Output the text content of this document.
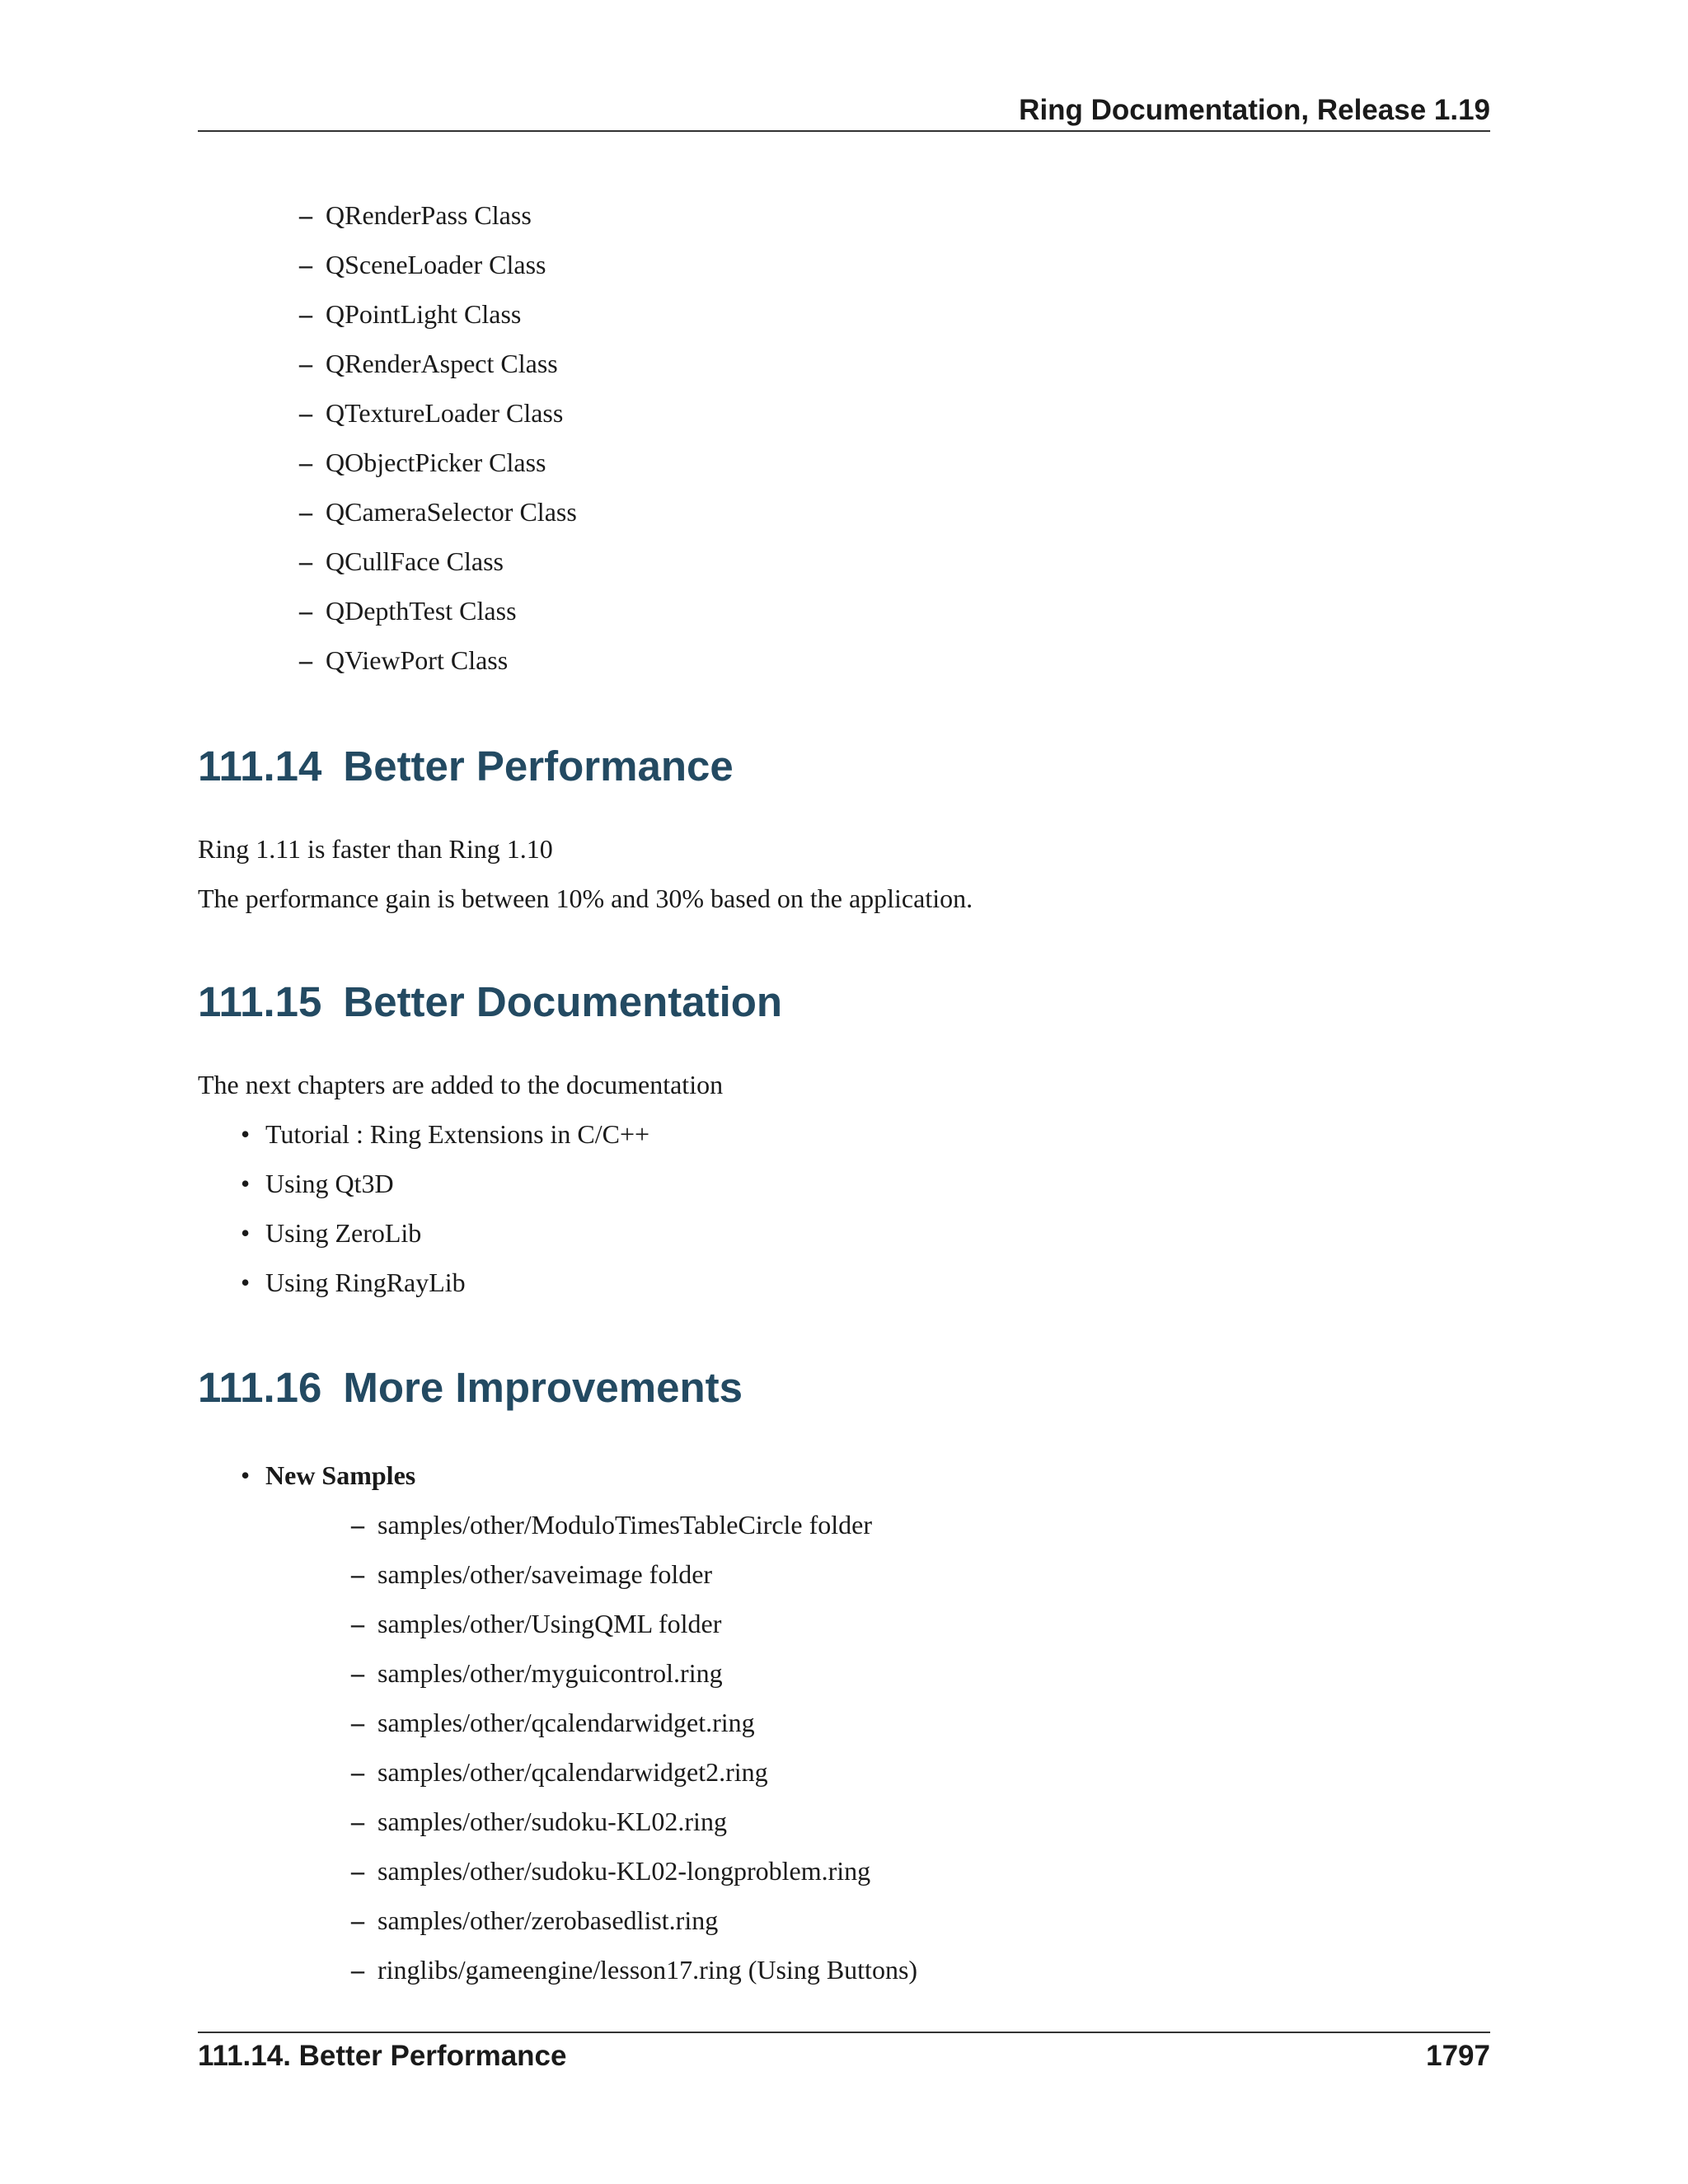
Ring Documentation, Release 1.19
– QRenderPass Class
– QSceneLoader Class
– QPointLight Class
– QRenderAspect Class
– QTextureLoader Class
– QObjectPicker Class
– QCameraSelector Class
– QCullFace Class
– QDepthTest Class
– QViewPort Class
111.14 Better Performance

Ring 1.11 is faster than Ring 1.10

The performance gain is between 10% and 30% based on the application.

111.15 Better Documentation

The next chapters are added to the documentation

• Tutorial : Ring Extensions in C/C++
• Using Qt3D
• Using ZeroLib
• Using RingRayLib
111.16 More Improvements
• New Samples
– samples/other/ModuloTimesTableCircle folder
– samples/other/saveimage folder
– samples/other/UsingQML folder
– samples/other/myguicontrol.ring
– samples/other/qcalendarwidget.ring
– samples/other/qcalendarwidget2.ring
– samples/other/sudoku-KL02.ring
– samples/other/sudoku-KL02-longproblem.ring
– samples/other/zerobasedlist.ring
– ringlibs/gameengine/lesson17.ring (Using Buttons)
111.14. Better Performance	1797
